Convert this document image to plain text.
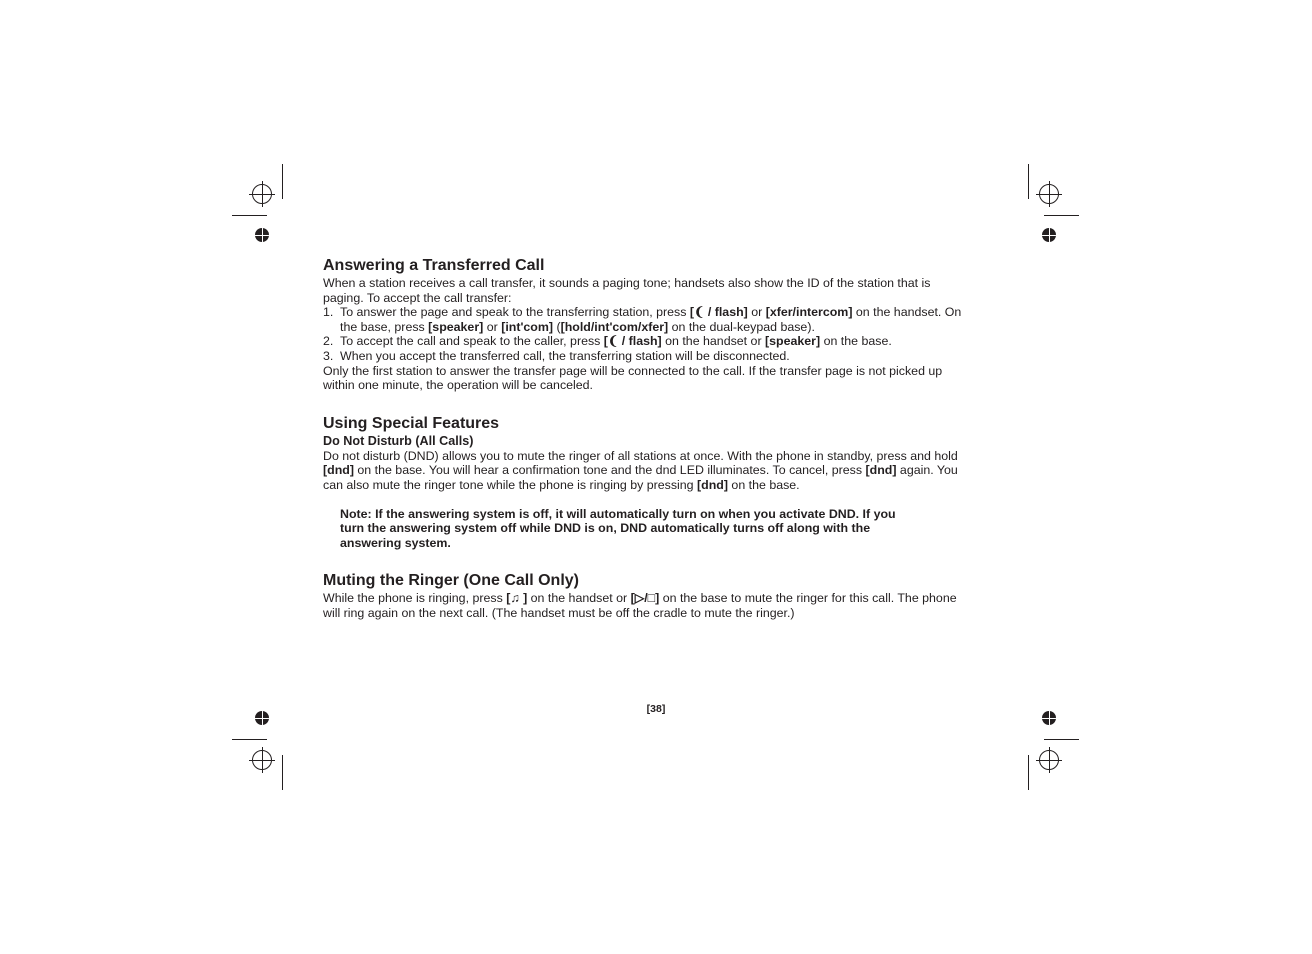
Answering a Transferred Call

When a station receives a call transfer, it sounds a paging tone; handsets also show the ID of the station that is paging. To accept the call transfer:

1. To answer the page and speak to the transferring station, press [❨ / flash] or [xfer/intercom] on the handset. On the base, press [speaker] or [int'com] ([hold/int'com/xfer] on the dual-keypad base).
2. To accept the call and speak to the caller, press [❨ / flash] on the handset or [speaker] on the base.
3. When you accept the transferred call, the transferring station will be disconnected.

Only the first station to answer the transfer page will be connected to the call. If the transfer page is not picked up within one minute, the operation will be canceled.

Using Special Features
Do Not Disturb (All Calls)

Do not disturb (DND) allows you to mute the ringer of all stations at once. With the phone in standby, press and hold [dnd] on the base. You will hear a confirmation tone and the dnd LED illuminates. To cancel, press [dnd] again. You can also mute the ringer tone while the phone is ringing by pressing [dnd] on the base.

Note: If the answering system is off, it will automatically turn on when you activate DND. If you turn the answering system off while DND is on, DND automatically turns off along with the answering system.

Muting the Ringer (One Call Only)

While the phone is ringing, press [♫ ] on the handset or [▷/□] on the base to mute the ringer for this call. The phone will ring again on the next call. (The handset must be off the cradle to mute the ringer.)

[38]
